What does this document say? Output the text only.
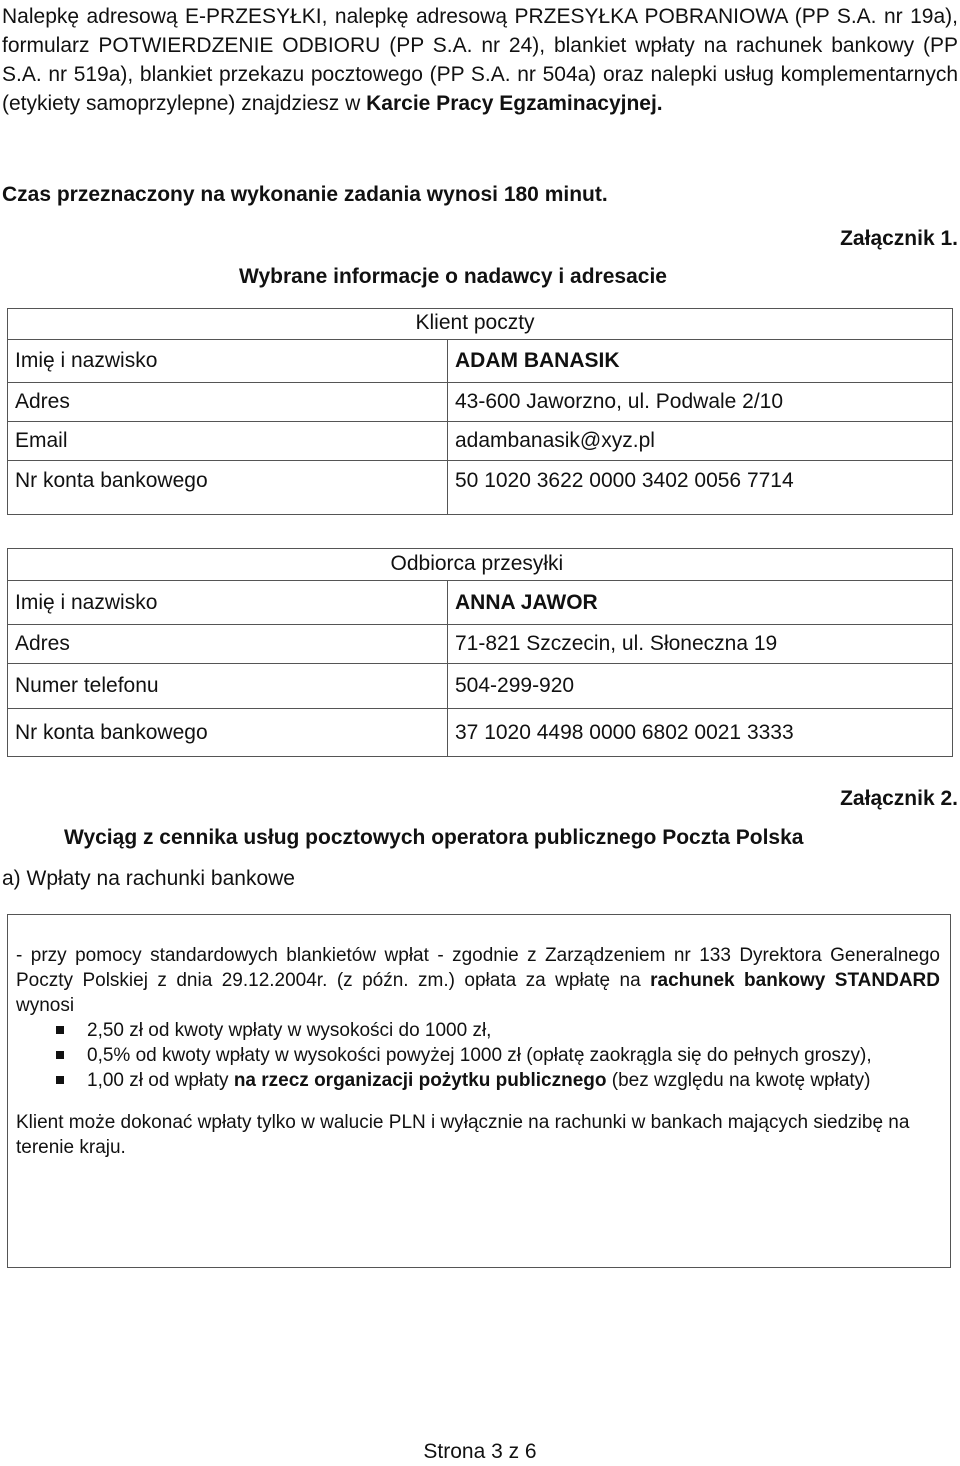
Nalepkę adresową E-PRZESYŁKI, nalepkę adresową PRZESYŁKA POBRANIOWA (PP S.A. nr 19a), formularz POTWIERDZENIE ODBIORU (PP S.A. nr 24), blankiet wpłaty na rachunek bankowy (PP S.A. nr 519a), blankiet przekazu pocztowego (PP S.A. nr 504a) oraz nalepki usług komplementarnych (etykiety samoprzylepne) znajdziesz w Karcie Pracy Egzaminacyjnej.

Czas przeznaczony na wykonanie zadania wynosi 180 minut.
Załącznik 1.
Wybrane informacje o nadawcy i adresacie

	Klient poczty

Imię i nazwisko	ADAM BANASIK
Adres	43-600 Jaworzno, ul. Podwale 2/10
Email	adambanasik@xyz.pl
Nr konta bankowego	50 1020 3622 0000 3402 0056 7714

	Odbiorca przesyłki

Imię i nazwisko	ANNA JAWOR
Adres	71-821 Szczecin, ul. Słoneczna 19
Numer telefonu	504-299-920
Nr konta bankowego	37 1020 4498 0000 6802 0021 3333
Załącznik 2.
Wyciąg z cennika usług pocztowych operatora publicznego Poczta Polska
a) Wpłaty na rachunki bankowe

- przy pomocy standardowych blankietów wpłat - zgodnie z Zarządzeniem nr 133 Dyrektora Generalnego Poczty Polskiej z dnia 29.12.2004r. (z późn. zm.) opłata za wpłatę na rachunek bankowy STANDARD wynosi

2,50 zł od kwoty wpłaty w wysokości do 1000 zł,
0,5% od kwoty wpłaty w wysokości powyżej 1000 zł (opłatę zaokrągla się do pełnych groszy),
1,00 zł od wpłaty na rzecz organizacji pożytku publicznego (bez względu na kwotę wpłaty)

Klient może dokonać wpłaty tylko w walucie PLN i wyłącznie na rachunki w bankach mających siedzibę na terenie kraju.

Strona 3 z 6
